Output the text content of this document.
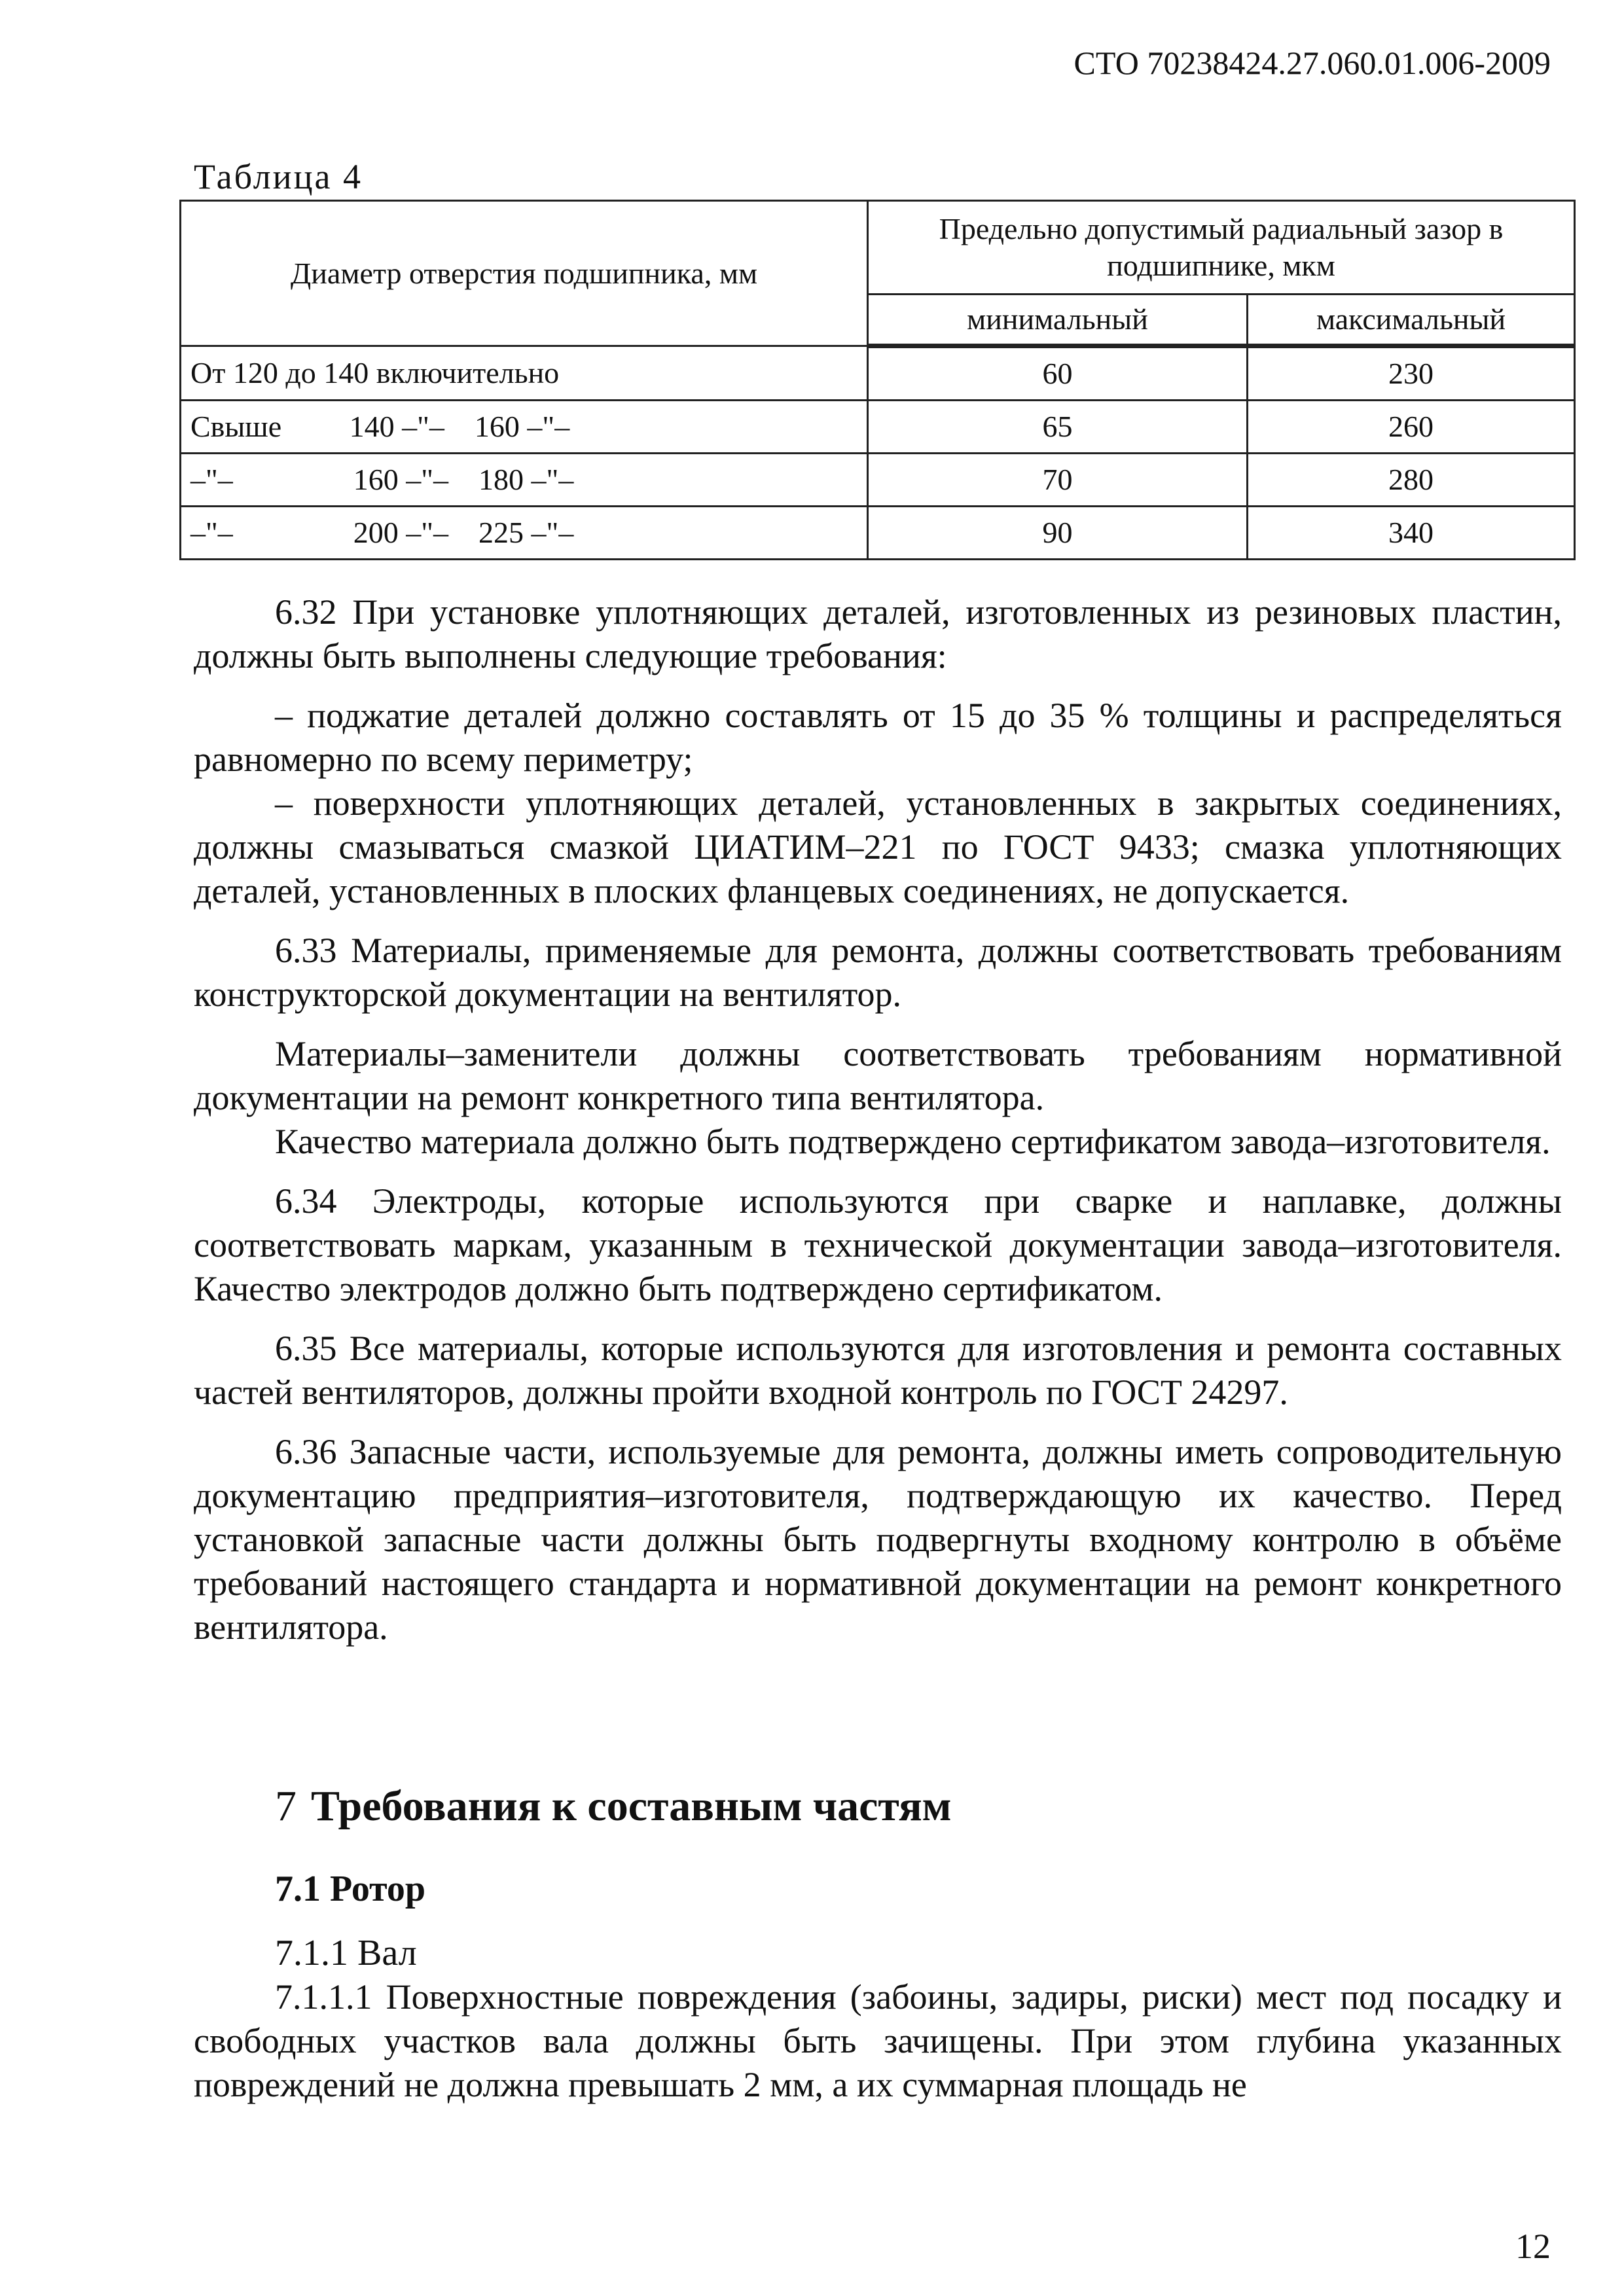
СТО 70238424.27.060.01.006-2009
Таблица 4
Диаметр отверстия подшипника, мм	Предельно допустимый радиальный зазор в подшипнике, мкм	
	минимальный	максимальный
От 120 до 140 включительно	60	230
Свыше         140 –"–    160 –"–	65	260
–"–                160 –"–    180 –"–	70	280
–"–                200 –"–    225 –"–	90	340

6.32 При установке уплотняющих деталей, изготовленных из резиновых пластин, должны быть выполнены следующие требования:

– поджатие деталей должно составлять от 15 до 35 % толщины и распределяться равномерно по всему периметру;

– поверхности уплотняющих деталей, установленных в закрытых соединениях, должны смазываться смазкой ЦИАТИМ–221 по ГОСТ 9433; смазка уплотняющих деталей, установленных в плоских фланцевых соединениях, не допускается.

6.33 Материалы, применяемые для ремонта, должны соответствовать требованиям конструкторской документации на вентилятор.

Материалы–заменители должны соответствовать требованиям нормативной документации на ремонт конкретного типа вентилятора.

Качество материала должно быть подтверждено сертификатом завода–изготовителя.

6.34 Электроды, которые используются при сварке и наплавке, должны соответствовать маркам, указанным в технической документации завода–изготовителя. Качество электродов должно быть подтверждено сертификатом.

6.35 Все материалы, которые используются для изготовления и ремонта составных частей вентиляторов, должны пройти входной контроль по ГОСТ 24297.

6.36 Запасные части, используемые для ремонта, должны иметь сопроводительную документацию предприятия–изготовителя, подтверждающую их качество. Перед установкой запасные части должны быть подвергнуты входному контролю в объёме требований настоящего стандарта и нормативной документации на ремонт конкретного вентилятора.

7 Требования к составным частям
7.1 Ротор
7.1.1 Вал

7.1.1.1 Поверхностные повреждения (забоины, задиры, риски) мест под посадку и свободных участков вала должны быть зачищены. При этом глубина указанных повреждений не должна превышать 2 мм, а их суммарная площадь не

12
